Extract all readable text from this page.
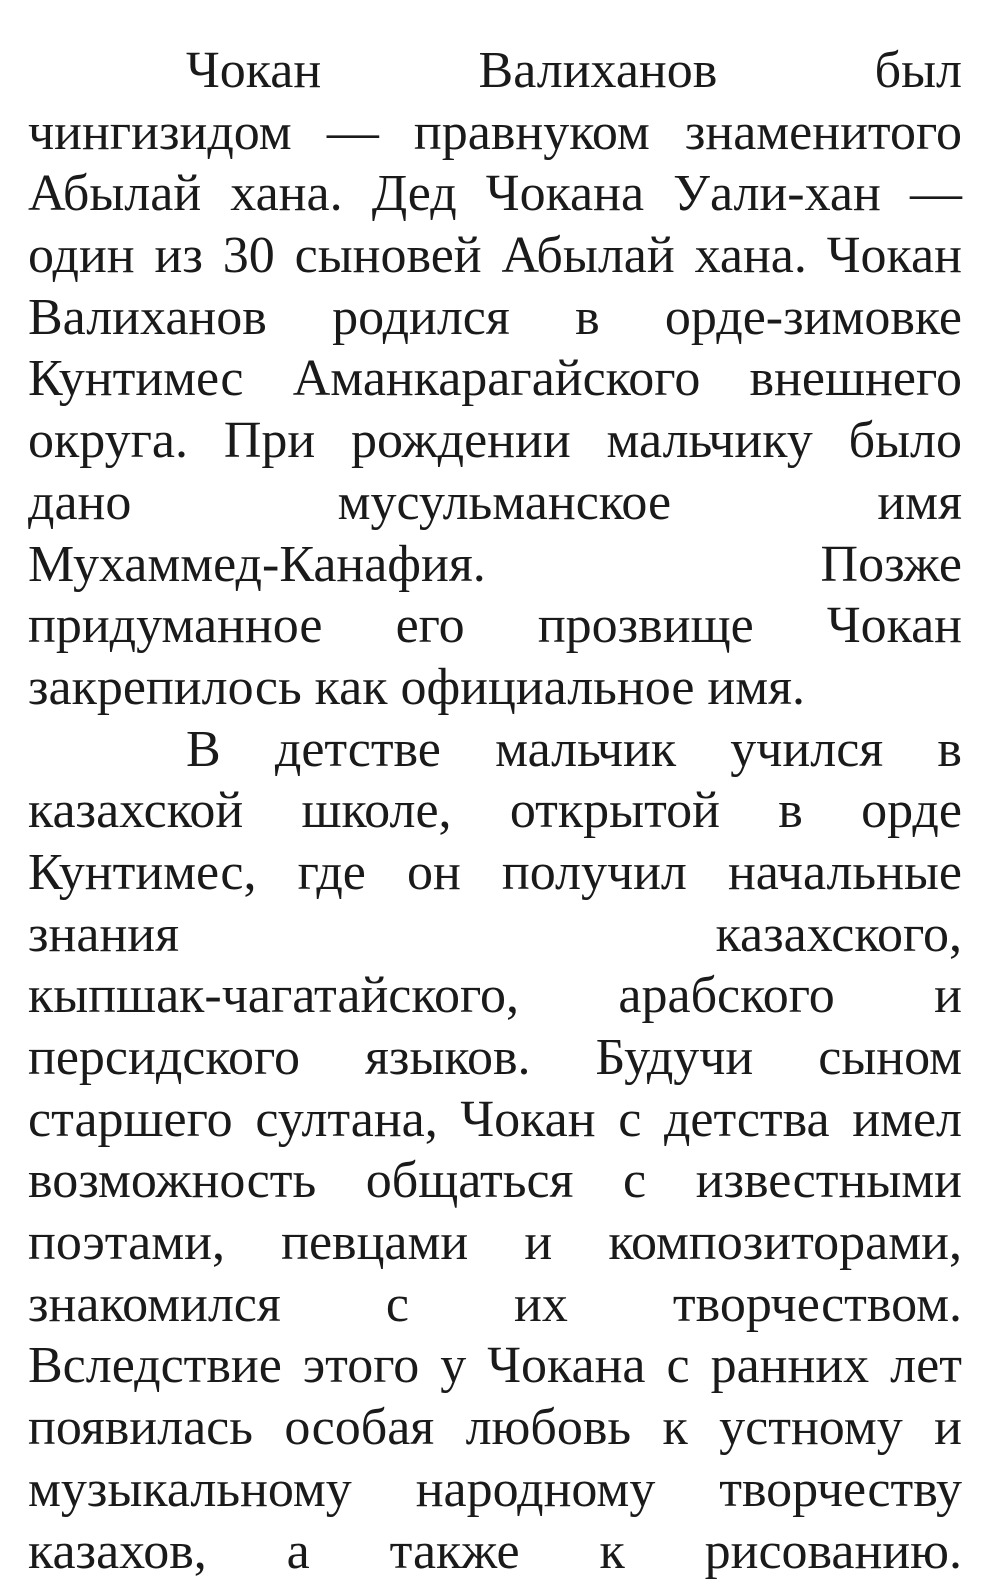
Чокан	Валиханов	был
чингизидом — правнуком знаменитого
Абылай хана. Дед Чокана Уали-хан —
один из 30 сыновей Абылай хана. Чокан
Валиханов родился в орде-зимовке
Кунтимес Аманкарагайского внешнего
округа. При рождении мальчику было
дано	мусульманское	имя
Мухаммед-Канафия.	Позже
придуманное его прозвище Чокан
закрепилось как официальное имя.
В детстве мальчик учился в
казахской школе, открытой в орде
Кунтимес, где он получил начальные
знания	казахского,
кыпшак-чагатайского, арабского и
персидского языков. Будучи сыном
старшего султана, Чокан с детства имел
возможность общаться с известными
поэтами, певцами и композиторами,
знакомился с их творчеством.
Вследствие этого у Чокана с ранних лет
появилась особая любовь к устному и
музыкальному народному творчеству
казахов, а также к рисованию.
